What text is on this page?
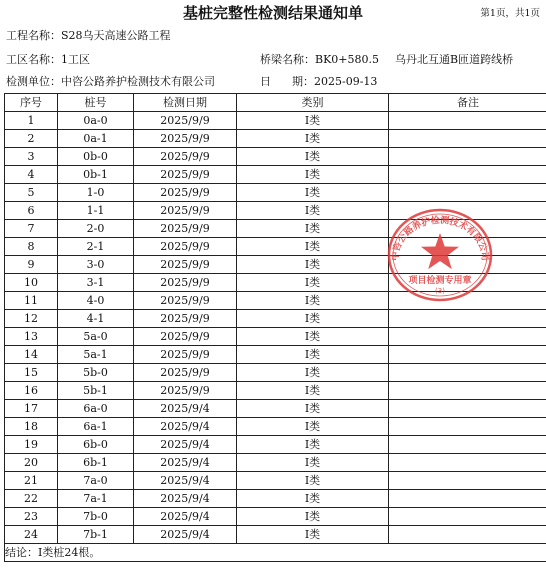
基桩完整性检测结果通知单	第1页，共1页
工程名称：S28乌天高速公路工程
工区名称：1工区	桥梁名称：BK0+580.5 乌丹北互通B匝道跨线桥
检测单位：中咨公路养护检测技术有限公司	日 期：2025-09-13
序号	桩号	检测日期	类别	备注
1	0a-0	2025/9/9	Ⅰ类	
2	0a-1	2025/9/9	Ⅰ类	
3	0b-0	2025/9/9	Ⅰ类	
4	0b-1	2025/9/9	Ⅰ类	
5	1-0	2025/9/9	Ⅰ类	
6	1-1	2025/9/9	Ⅰ类	
7	2-0	2025/9/9	Ⅰ类	
8	2-1	2025/9/9	Ⅰ类	
9	3-0	2025/9/9	Ⅰ类	
10	3-1	2025/9/9	Ⅰ类	
11	4-0	2025/9/9	Ⅰ类	
12	4-1	2025/9/9	Ⅰ类	
13	5a-0	2025/9/9	Ⅰ类	
14	5a-1	2025/9/9	Ⅰ类	
15	5b-0	2025/9/9	Ⅰ类	
16	5b-1	2025/9/9	Ⅰ类	
17	6a-0	2025/9/4	Ⅰ类	
18	6a-1	2025/9/4	Ⅰ类	
19	6b-0	2025/9/4	Ⅰ类	
20	6b-1	2025/9/4	Ⅰ类	
21	7a-0	2025/9/4	Ⅰ类	
22	7a-1	2025/9/4	Ⅰ类	
23	7b-0	2025/9/4	Ⅰ类	
24	7b-1	2025/9/4	Ⅰ类	
结论：Ⅰ类桩24根。				
中咨公路养护检测技术有限公司
项目检测专用章
(3)
